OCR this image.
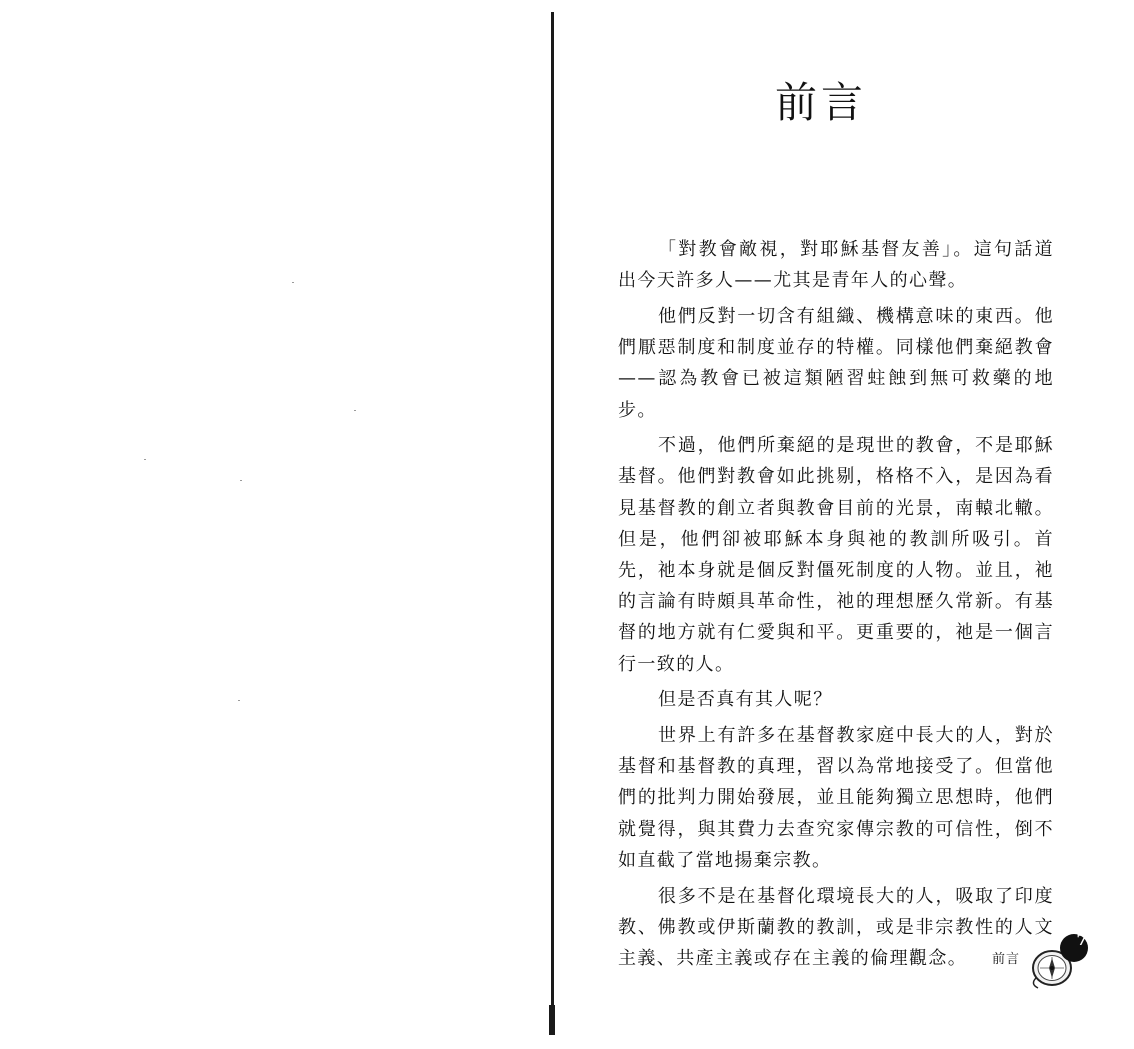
前言

「對教會敵視，對耶穌基督友善」。這句話道出今天許多人——尤其是青年人的心聲。

他們反對一切含有組織、機構意味的東西。他們厭惡制度和制度並存的特權。同樣他們棄絕教會——認為教會已被這類陋習蛀蝕到無可救藥的地步。

不過，他們所棄絕的是現世的教會，不是耶穌基督。他們對教會如此挑剔，格格不入，是因為看見基督教的創立者與教會目前的光景，南轅北轍。但是，他們卻被耶穌本身與祂的教訓所吸引。首先，祂本身就是個反對僵死制度的人物。並且，祂的言論有時頗具革命性，祂的理想歷久常新。有基督的地方就有仁愛與和平。更重要的，祂是一個言行一致的人。

但是否真有其人呢？

世界上有許多在基督教家庭中長大的人，對於基督和基督教的真理，習以為常地接受了。但當他們的批判力開始發展，並且能夠獨立思想時，他們就覺得，與其費力去查究家傳宗教的可信性，倒不如直截了當地揚棄宗教。

很多不是在基督化環境長大的人，吸取了印度教、佛教或伊斯蘭教的教訓，或是非宗教性的人文主義、共產主義或存在主義的倫理觀念。	前言
7
